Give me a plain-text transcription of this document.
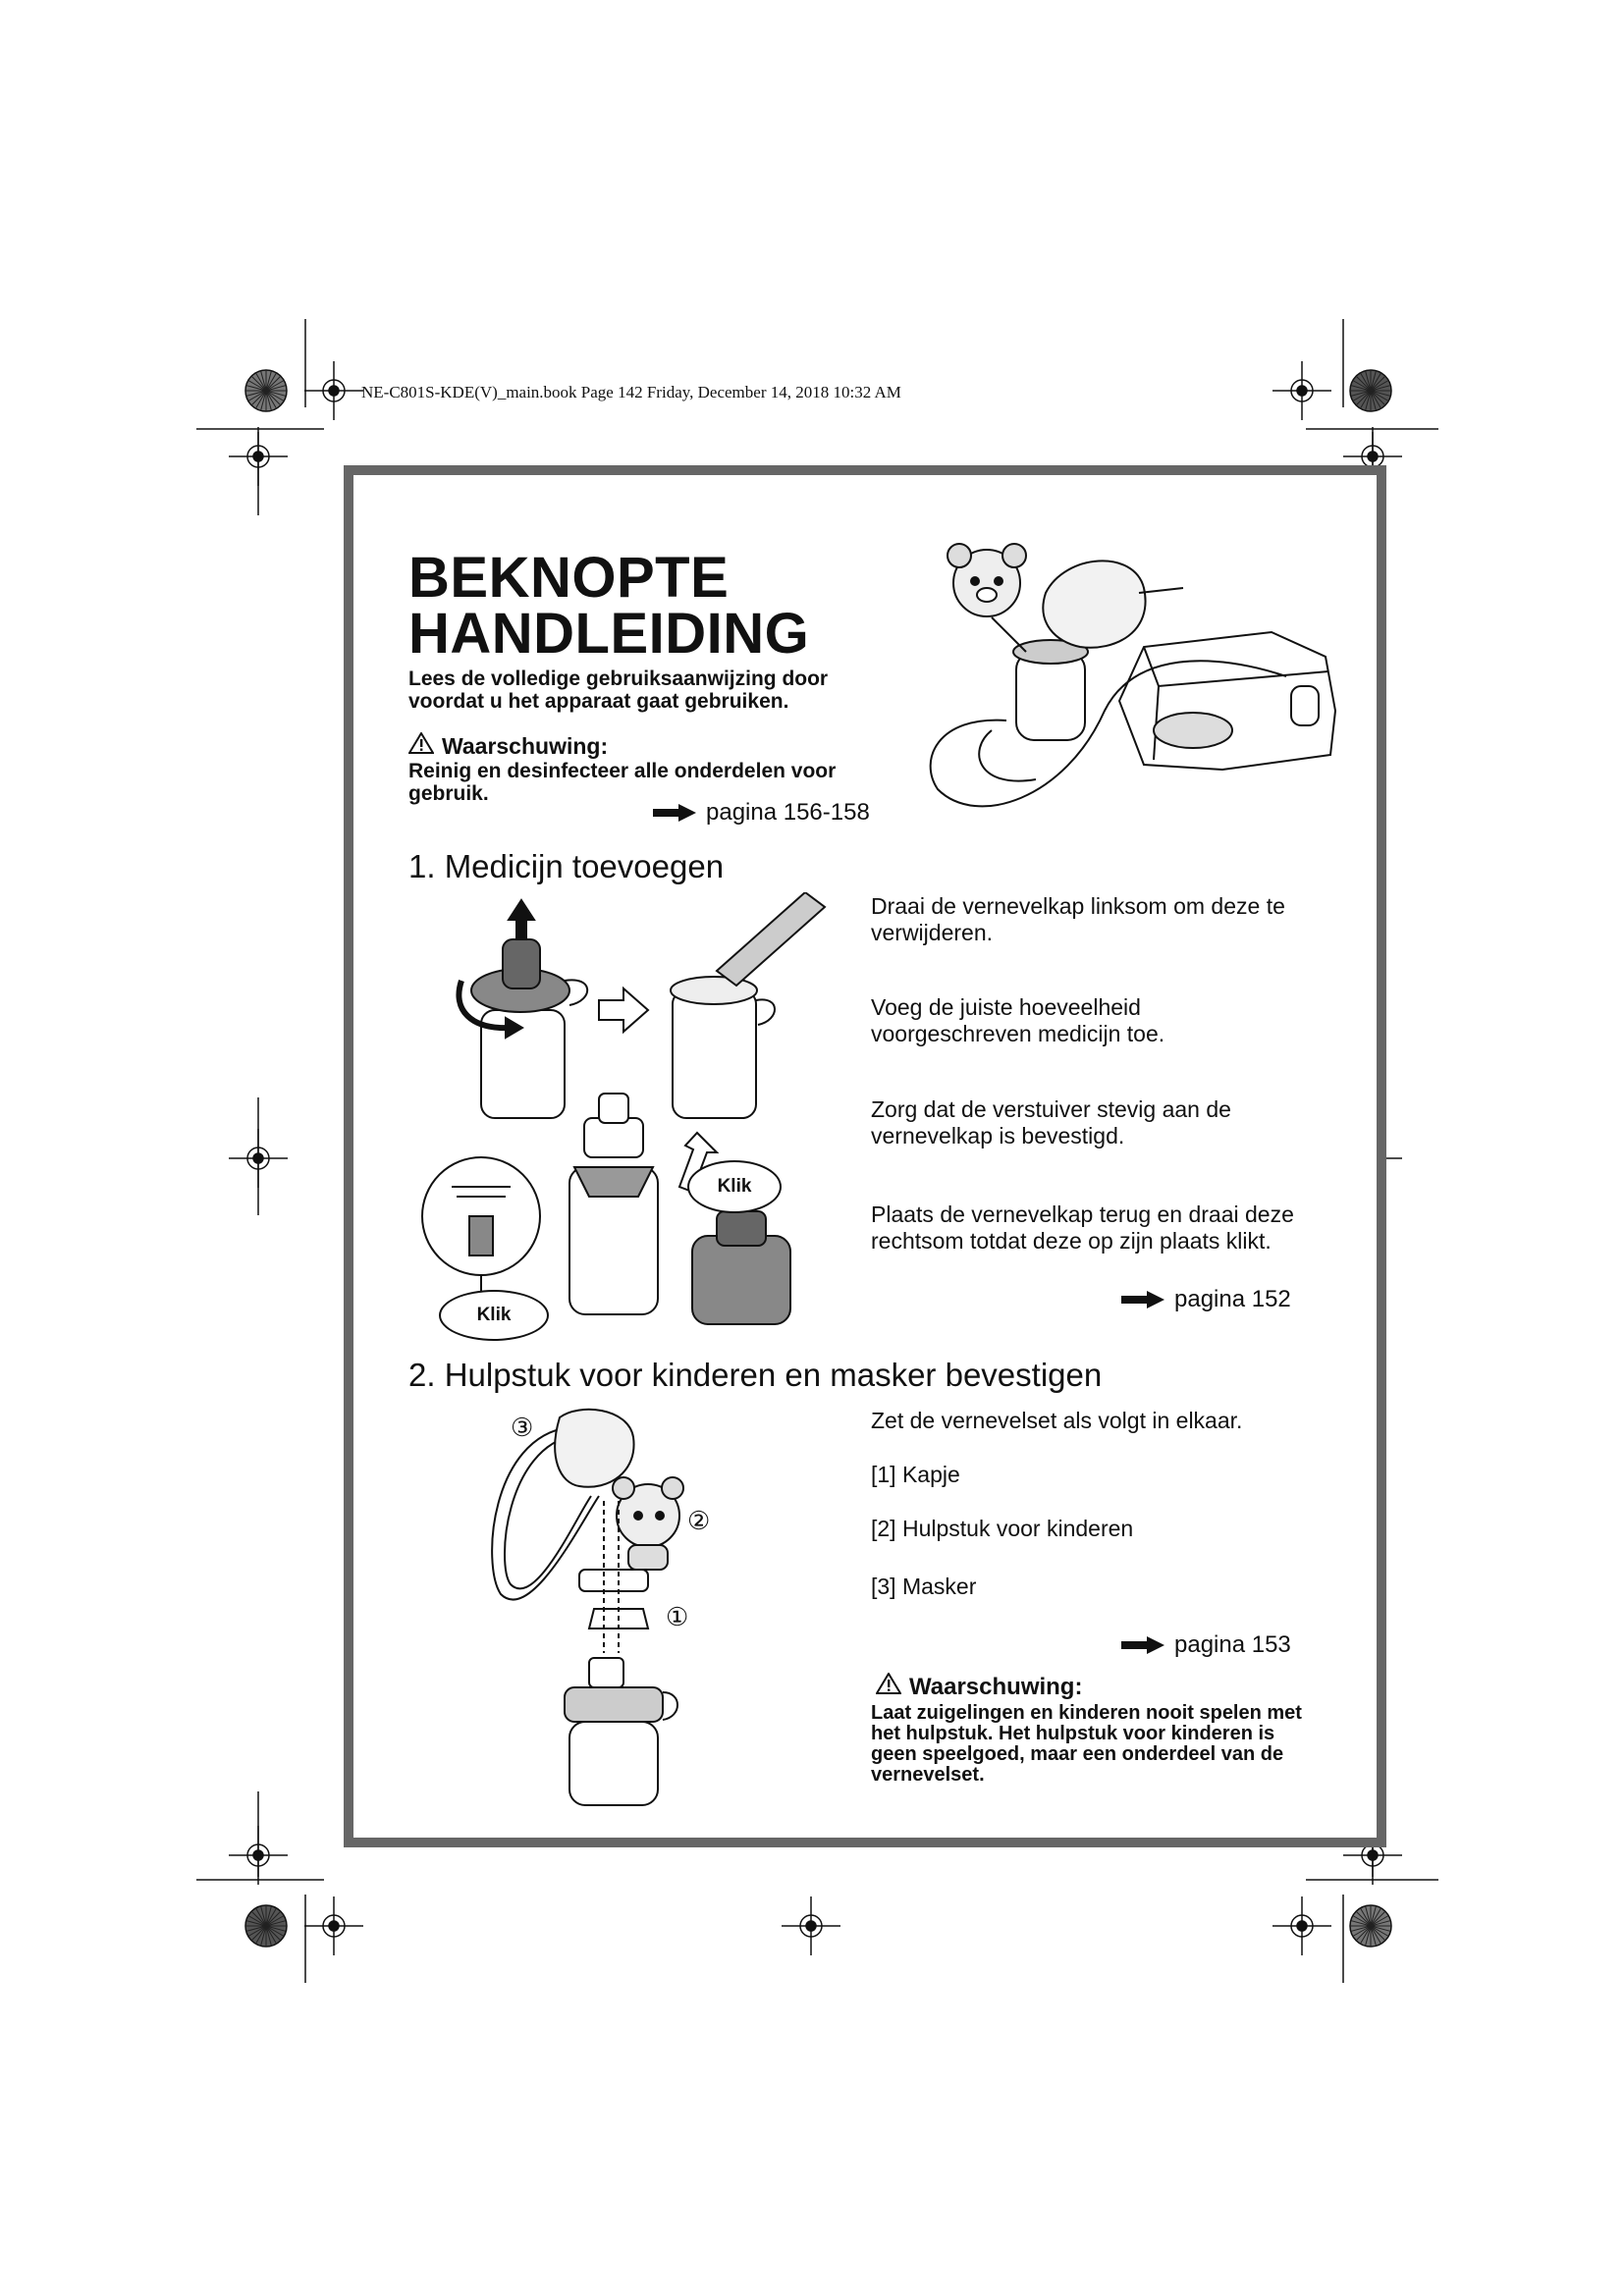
NE-C801S-KDE(V)_main.book Page 142 Friday, December 14, 2018 10:32 AM
BEKNOPTE
HANDLEIDING
Lees de volledige gebruiksaanwijzing door voordat u het apparaat gaat gebruiken.
Waarschuwing:
Reinig en desinfecteer alle onderdelen voor gebruik.
pagina 156-158
1. Medicijn toevoegen
Draai de vernevelkap linksom om deze te verwijderen.
Voeg de juiste hoeveelheid voorgeschreven medicijn toe.
Zorg dat de verstuiver stevig aan de vernevelkap is bevestigd.
Plaats de vernevelkap terug en draai deze rechtsom totdat deze op zijn plaats klikt.
pagina 152
Klik
Klik
2. Hulpstuk voor kinderen en masker bevestigen
Zet de vernevelset als volgt in elkaar.
[1] Kapje
[2] Hulpstuk voor kinderen
[3] Masker
pagina 153
Waarschuwing:
Laat zuigelingen en kinderen nooit spelen met het hulpstuk. Het hulpstuk voor kinderen is geen speelgoed, maar een onderdeel van de vernevelset.
③
②
①
